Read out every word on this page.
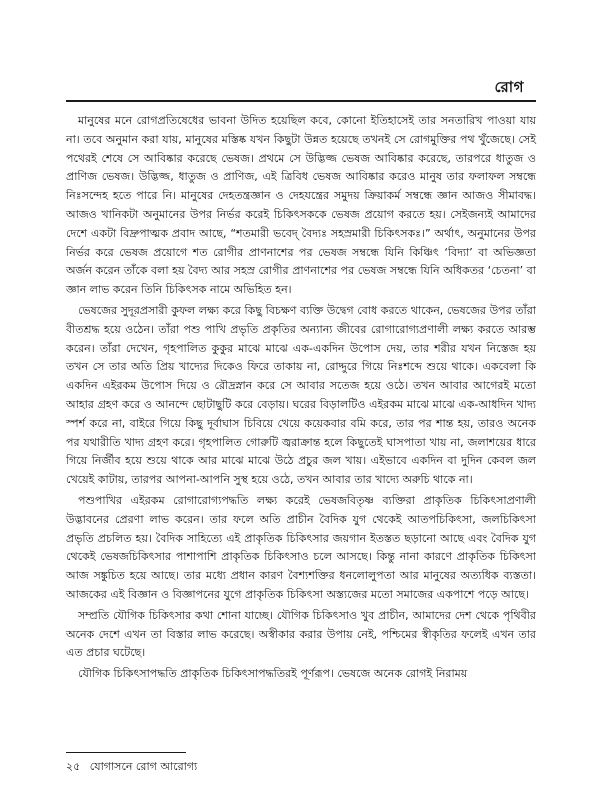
রোগ

মানুষের মনে রোগপ্রতিষেধের ভাবনা উদিত হয়েছিল কবে, কোনো ইতিহাসেই তার সনতারিখ পাওয়া যায় না। তবে অনুমান করা যায়, মানুষের মস্তিষ্ক যখন কিছুটা উন্নত হয়েছে তখনই সে রোগমুক্তির পথ খুঁজেছে। সেই পথেরই শেষে সে আবিষ্কার করেছে ভেষজ। প্রথমে সে উদ্ভিজ্জ ভেষজ আবিষ্কার করেছে, তারপরে ধাতুজ ও প্রাণিজ ভেষজ। উদ্ভিজ্জ, ধাতুজ ও প্রাণিজ, এই ত্রিবিধ ভেষজ আবিষ্কার করেও মানুষ তার ফলাফল সম্বন্ধে নিঃসন্দেহ হতে পারে নি। মানুষের দেহতন্ত্রজ্ঞান ও দেহযন্ত্রের সমুদয় ক্রিয়াকর্ম সম্বন্ধে জ্ঞান আজও সীমাবদ্ধ। আজও খানিকটা অনুমানের উপর নির্ভর করেই চিকিৎসককে ভেষজ প্রয়োগ করতে হয়। সেইজন্যই আমাদের দেশে একটা বিদ্রুপাত্মক প্রবাদ আছে, “শতমারী ভবেদ্ বৈদ্যঃ সহস্রমারী চিকিৎসকঃ।” অর্থাৎ, অনুমানের উপর নির্ভর করে ভেষজ প্রয়োগে শত রোগীর প্রাণনাশের পর ভেষজ সম্বন্ধে যিনি কিঞ্চিৎ ‘বিদ্যা’ বা অভিজ্ঞতা অর্জন করেন তাঁকে বলা হয় বৈদ্য আর সহস্র রোগীর প্রাণনাশের পর ভেষজ সম্বন্ধে যিনি অধিকতর ‘চেতনা’ বা জ্ঞান লাভ করেন তিনি চিকিৎসক নামে অভিহিত হন।

ভেষজের সুদূরপ্রসারী কুফল লক্ষ্য করে কিছু বিচক্ষণ ব্যক্তি উদ্বেগ বোধ করতে থাকেন, ভেষজের উপর তাঁরা বীতশ্রদ্ধ হয়ে ওঠেন। তাঁরা পশু পাখি প্রভৃতি প্রকৃতির অন্যান্য জীবের রোগারোগ্যপ্রণালী লক্ষ্য করতে আরম্ভ করেন। তাঁরা দেখেন, গৃহপালিত কুকুর মাঝে মাঝে এক-একদিন উপোস দেয়, তার শরীর যখন নিস্তেজ হয় তখন সে তার অতি প্রিয় খাদ্যের দিকেও ফিরে তাকায় না, রোদ্দুরে গিয়ে নিঃশব্দে শুয়ে থাকে। একবেলা কি একদিন এইরকম উপোস দিয়ে ও রৌদ্রস্নান করে সে আবার সতেজ হয়ে ওঠে। তখন আবার আগেরই মতো আহার গ্রহণ করে ও আনন্দে ছোটাছুটি করে বেড়ায়। ঘরের বিড়ালটিও এইরকম মাঝে মাঝে এক-আধদিন খাদ্য স্পর্শ করে না, বাইরে গিয়ে কিছু দূর্বাঘাস চিবিয়ে খেয়ে কয়েকবার বমি করে, তার পর শান্ত হয়, তারও অনেক পর যথারীতি খাদ্য গ্রহণ করে। গৃহপালিত গোরুটি জ্বরাক্রান্ত হলে কিছুতেই ঘাসপাতা খায় না, জলাশয়ের ধারে গিয়ে নির্জীব হয়ে শুয়ে থাকে আর মাঝে মাঝে উঠে প্রচুর জল খায়। এইভাবে একদিন বা দুদিন কেবল জল খেয়েই কাটায়, তারপর আপনা-আপনি সুস্থ হয়ে ওঠে, তখন আবার তার খাদ্যে অরুচি থাকে না।

পশুপাখির এইরকম রোগারোগ্যপদ্ধতি লক্ষ্য করেই ভেষজবিতৃষ্ণ ব্যক্তিরা প্রাকৃতিক চিকিৎসাপ্রণালী উদ্ভাবনের প্রেরণা লাভ করেন। তার ফলে অতি প্রাচীন বৈদিক যুগ থেকেই আতপচিকিৎসা, জলচিকিৎসা প্রভৃতি প্রচলিত হয়। বৈদিক সাহিত্যে এই প্রাকৃতিক চিকিৎসার জয়গান ইতস্তত ছড়ানো আছে এবং বৈদিক যুগ থেকেই ভেষজচিকিৎসার পাশাপাশি প্রাকৃতিক চিকিৎসাও চলে আসছে। কিন্তু নানা কারণে প্রাকৃতিক চিকিৎসা আজ সঙ্কুচিত হয়ে আছে। তার মধ্যে প্রধান কারণ বৈশ্যশক্তির ধনলোলুপতা আর মানুষের অত্যধিক ব্যস্ততা। আজকের এই বিজ্ঞান ও বিজ্ঞাপনের যুগে প্রাকৃতিক চিকিৎসা অস্ত্যজের মতো সমাজের একপাশে পড়ে আছে।

সম্প্রতি যৌগিক চিকিৎসার কথা শোনা যাচ্ছে। যৌগিক চিকিৎসাও খুব প্রাচীন, আমাদের দেশ থেকে পৃথিবীর অনেক দেশে এখন তা বিস্তার লাভ করেছে। অস্বীকার করার উপায় নেই, পশ্চিমের স্বীকৃতির ফলেই এখন তার এত প্রচার ঘটেছে।

যৌগিক চিকিৎসাপদ্ধতি প্রাকৃতিক চিকিৎসাপদ্ধতিরই পূর্ণরূপ। ভেষজে অনেক রোগই নিরাময়

২৫ যোগাসনে রোগ আরোগ্য
